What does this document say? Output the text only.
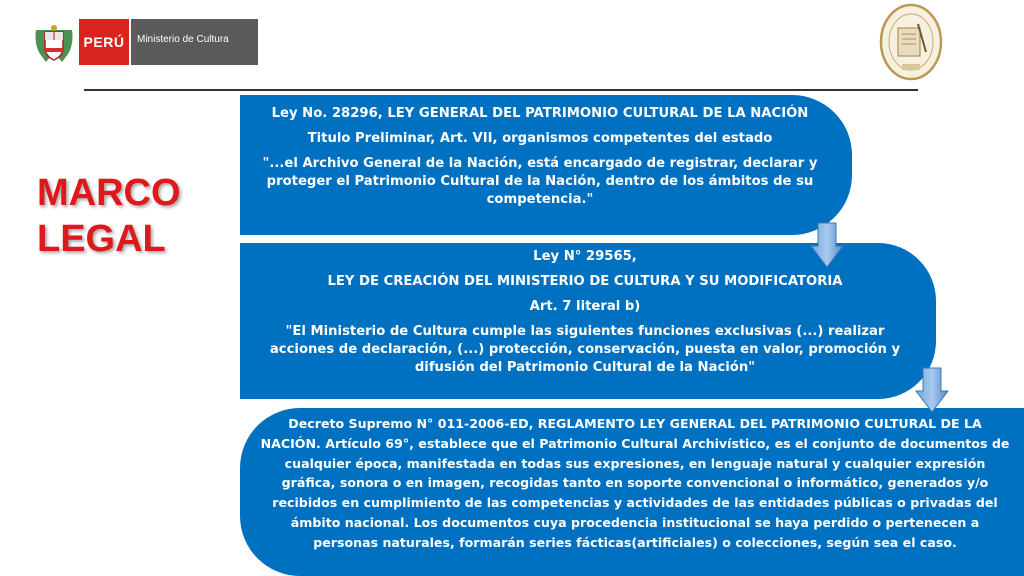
PERÚ	Ministerio de Cultura
MARCO
LEGAL

Ley No. 28296, LEY GENERAL DEL PATRIMONIO CULTURAL DE LA NACIÓN

Titulo Preliminar, Art. VII, organismos competentes del estado

"...el Archivo General de la Nación, está encargado de registrar, declarar y proteger el Patrimonio Cultural de la Nación, dentro de los ámbitos de su competencia."

Ley N° 29565,

LEY DE CREACIÓN DEL MINISTERIO DE CULTURA Y SU MODIFICATORIA

Art. 7 literal b)

"El Ministerio de Cultura cumple las siguientes funciones exclusivas (...) realizar acciones de declaración, (...) protección, conservación, puesta en valor, promoción y difusión del Patrimonio Cultural de la Nación"

Decreto Supremo N° 011-2006-ED, REGLAMENTO LEY GENERAL DEL PATRIMONIO CULTURAL DE LA NACIÓN. Artículo 69°, establece que el Patrimonio Cultural Archivístico, es el conjunto de documentos de cualquier época, manifestada en todas sus expresiones, en lenguaje natural y cualquier expresión gráfica, sonora o en imagen, recogidas tanto en soporte convencional o informático, generados y/o recibidos en cumplimiento de las competencias y actividades de las entidades públicas o privadas del ámbito nacional. Los documentos cuya procedencia institucional se haya perdido o pertenecen a personas naturales, formarán series fácticas(artificiales) o colecciones, según sea el caso.
